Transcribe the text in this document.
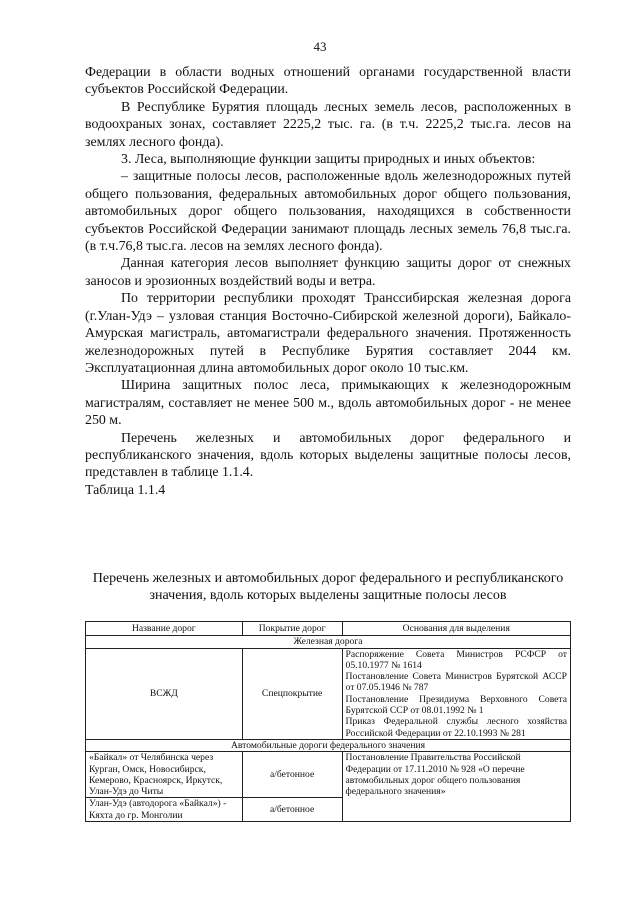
43

Федерации в области водных отношений органами государственной власти субъектов Российской Федерации.

В Республике Бурятия площадь лесных земель лесов, расположенных в водоохраных зонах, составляет 2225,2 тыс. га. (в т.ч. 2225,2 тыс.га. лесов на землях лесного фонда).

3. Леса, выполняющие функции защиты природных и иных объектов:

– защитные полосы лесов, расположенные вдоль железнодорожных путей общего пользования, федеральных автомобильных дорог общего пользования, автомобильных дорог общего пользования, находящихся в собственности субъектов Российской Федерации занимают площадь лесных земель 76,8 тыс.га. (в т.ч.76,8 тыс.га. лесов на землях лесного фонда).

Данная категория лесов выполняет функцию защиты дорог от снежных заносов и эрозионных воздействий воды и ветра.

По территории республики проходят Транссибирская железная дорога (г.Улан-Удэ – узловая станция Восточно-Сибирской железной дороги), Байкало-Амурская магистраль, автомагистрали федерального значения. Протяженность железнодорожных путей в Республике Бурятия составляет 2044 км. Эксплуатационная длина автомобильных дорог около 10 тыс.км.

Ширина защитных полос леса, примыкающих к железнодорожным магистралям, составляет не менее 500 м., вдоль автомобильных дорог - не менее 250 м.

Перечень железных и автомобильных дорог федерального и республиканского значения, вдоль которых выделены защитные полосы лесов, представлен в таблице 1.1.4.

Таблица 1.1.4

Перечень железных и автомобильных дорог федерального и республиканского значения, вдоль которых выделены защитные полосы лесов
Название дорог	Покрытие дорог	Основания для выделения
Железная дорога		
ВСЖД	Спецпокрытие	Распоряжение Совета Министров РСФСР от 05.10.1977 № 1614
Постановление Совета Министров Бурятской АССР от 07.05.1946 № 787
Постановление Президиума Верховного Совета Бурятской ССР от 08.01.1992 № 1
Приказ Федеральной службы лесного хозяйства Российской Федерации от 22.10.1993 № 281

Автомобильные дороги федерального значения		
«Байкал» от Челябинска через Курган, Омск, Новосибирск, Кемерово, Красноярск, Иркутск, Улан-Удэ до Читы	а/бетонное	Постановление Правительства Российской Федерации от 17.11.2010 № 928 «О перечне автомобильных дорог общего пользования федерального значения»
Улан-Удэ (автодорога «Байкал») - Кяхта до гр. Монголии	а/бетонное	
